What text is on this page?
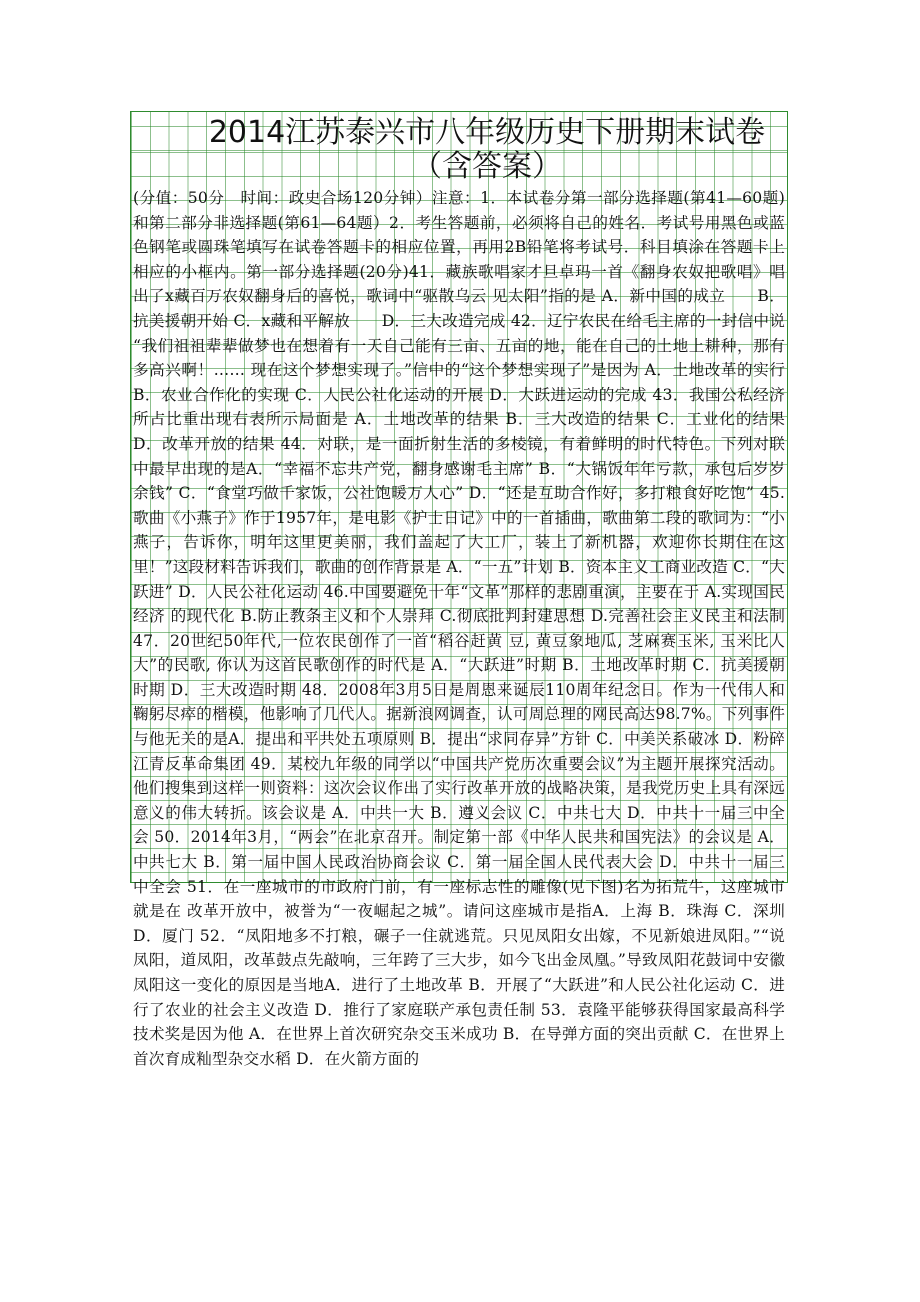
2014江苏泰兴市八年级历史下册期末试卷（含答案）
(分值：50分　时间：政史合场120分钟）注意：1．本试卷分第一部分选择题(第41—60题)和第二部分非选择题(第61—64题）2．考生答题前，必须将自己的姓名．考试号用黑色或蓝色钢笔或圆珠笔填写在试卷答题卡的相应位置，再用2B铅笔将考试号．科目填涂在答题卡上相应的小框内。第一部分选择题(20分)41．藏族歌唱家才旦卓玛一首《翻身农奴把歌唱》唱出了x藏百万农奴翻身后的喜悦，歌词中“驱散乌云 见太阳”指的是 A．新中国的成立　　B．抗美援朝开始 C．x藏和平解放　　D．三大改造完成 42．辽宁农民在给毛主席的一封信中说 “我们祖祖辈辈做梦也在想着有一天自己能有三亩、五亩的地，能在自己的土地上耕种，那有多高兴啊！…… 现在这个梦想实现了。”信中的“这个梦想实现了”是因为 A．土地改革的实行 B．农业合作化的实现 C．人民公社化运动的开展 D．大跃进运动的完成 43．我国公私经济所占比重出现右表所示局面是 A．土地改革的结果 B．三大改造的结果 C．工业化的结果 D．改革开放的结果 44．对联，是一面折射生活的多棱镜，有着鲜明的时代特色。下列对联中最早出现的是A．“幸福不忘共产党，翻身感谢毛主席” B．“大锅饭年年亏款，承包后岁岁余钱” C．“食堂巧做千家饭，公社饱暖万人心” D．“还是互助合作好，多打粮食好吃饱” 45.歌曲《小燕子》作于1957年，是电影《护士日记》中的一首插曲，歌曲第二段的歌词为：“小燕子，告诉你，明年这里更美丽，我们盖起了大工厂，装上了新机器，欢迎你长期住在这里！”这段材料告诉我们，歌曲的创作背景是 A．“一五”计划 B．资本主义工商业改造 C．“大跃进” D．人民公社化运动 46.中国要避免十年“文革”那样的悲剧重演，主要在于 A.实现国民经济 的现代化 B.防止教条主义和个人崇拜 C.彻底批判封建思想 D.完善社会主义民主和法制 47．20世纪50年代,一位农民创作了一首“稻谷赶黄 豆, 黄豆象地瓜, 芝麻赛玉米, 玉米比人 大”的民歌, 你认为这首民歌创作的时代是 A．“大跃进”时期 B．土地改革时期 C．抗美援朝时期 D．三大改造时期 48．2008年3月5日是周恩来诞辰110周年纪念日。作为一代伟人和鞠躬尽瘁的楷模，他影响了几代人。据新浪网调查，认可周总理的网民高达98.7%。下列事件与他无关的是A．提出和平共处五项原则 B．提出“求同存异”方针 C．中美关系破冰 D．粉碎江青反革命集团 49．某校九年级的同学以“中国共产党历次重要会议”为主题开展探究活动。他们搜集到这样一则资料：这次会议作出了实行改革开放的战略决策，是我党历史上具有深远意义的伟大转折。该会议是 A．中共一大 B．遵义会议 C．中共七大 D．中共十一届三中全会 50．2014年3月，“两会”在北京召开。制定第一部《中华人民共和国宪法》的会议是 A．中共七大 B．第一届中国人民政治协商会议 C．第一届全国人民代表大会 D．中共十一届三中全会 51．在一座城市的市政府门前，有一座标志性的雕像(见下图)名为拓荒牛，这座城市就是在 改革开放中，被誉为“一夜崛起之城”。请问这座城市是指A．上海 B．珠海 C．深圳 D．厦门 52．“凤阳地多不打粮，碾子一住就逃荒。只见凤阳女出嫁，不见新娘进凤阳。”“说凤阳，道凤阳，改革鼓点先敲响，三年跨了三大步，如今飞出金凤凰。”导致凤阳花鼓词中安徽凤阳这一变化的原因是当地A．进行了土地改革 B．开展了“大跃进”和人民公社化运动 C．进行了农业的社会主义改造 D．推行了家庭联产承包责任制 53．袁隆平能够获得国家最高科学技术奖是因为他 A．在世界上首次研究杂交玉米成功 B．在导弹方面的突出贡献 C．在世界上首次育成籼型杂交水稻 D．在火箭方面的
